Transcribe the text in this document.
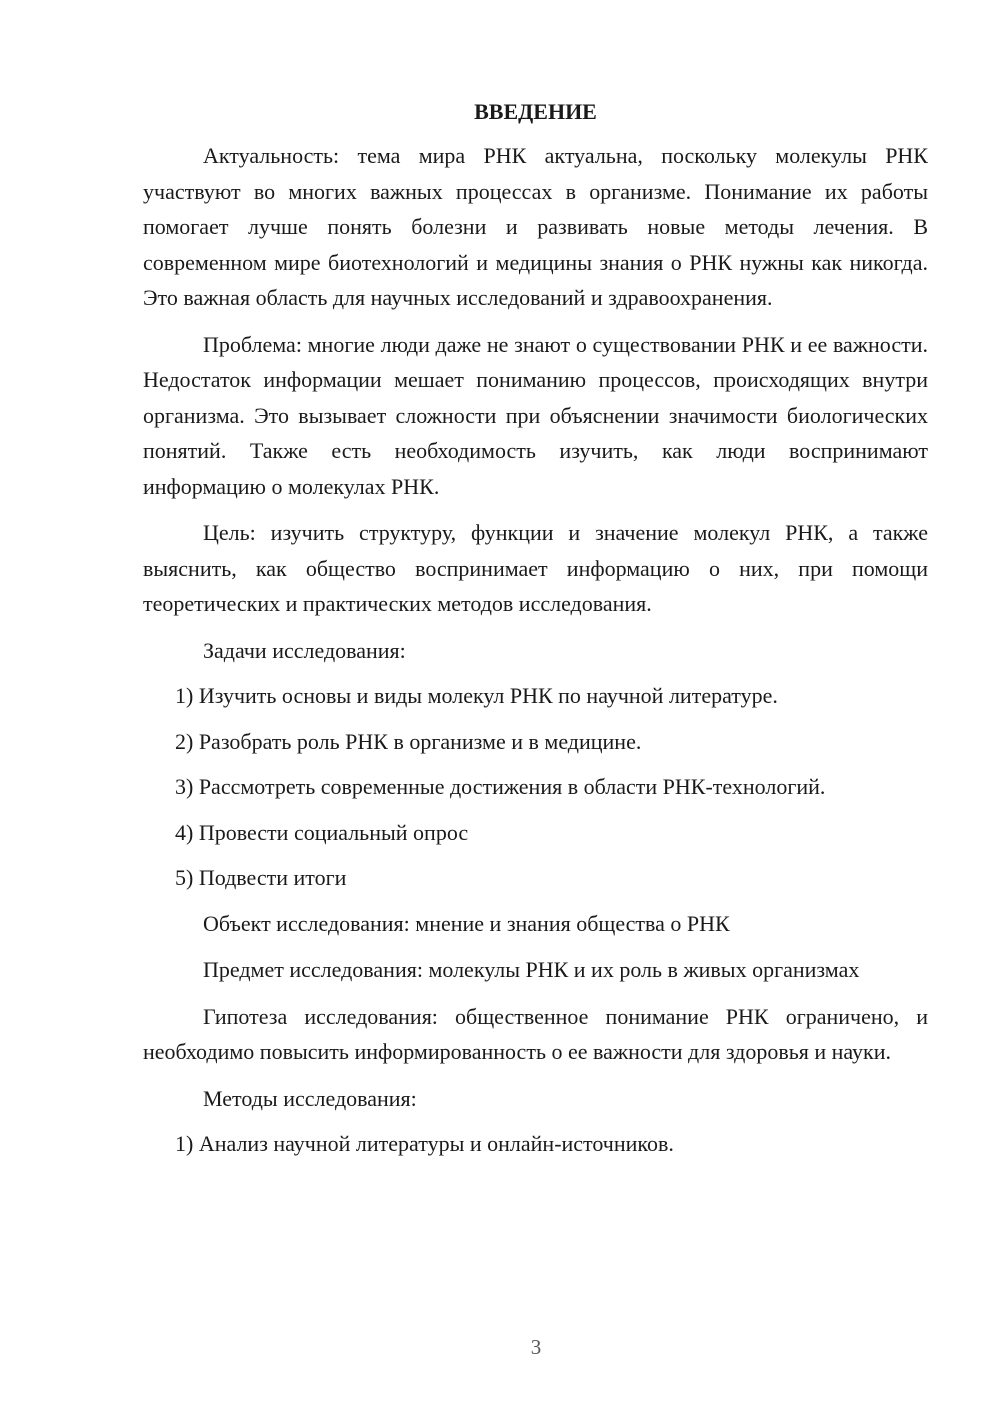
ВВЕДЕНИЕ

Актуальность: тема мира РНК актуальна, поскольку молекулы РНК участвуют во многих важных процессах в организме. Понимание их работы помогает лучше понять болезни и развивать новые методы лечения. В современном мире биотехнологий и медицины знания о РНК нужны как никогда. Это важная область для научных исследований и здравоохранения.

Проблема: многие люди даже не знают о существовании РНК и ее важности. Недостаток информации мешает пониманию процессов, происходящих внутри организма. Это вызывает сложности при объяснении значимости биологических понятий. Также есть необходимость изучить, как люди воспринимают информацию о молекулах РНК.

Цель: изучить структуру, функции и значение молекул РНК, а также выяснить, как общество воспринимает информацию о них, при помощи теоретических и практических методов исследования.

Задачи исследования:
1) Изучить основы и виды молекул РНК по научной литературе.
2) Разобрать роль РНК в организме и в медицине.
3) Рассмотреть современные достижения в области РНК-технологий.
4) Провести социальный опрос
5) Подвести итоги

Объект исследования: мнение и знания общества о РНК

Предмет исследования: молекулы РНК и их роль в живых организмах

Гипотеза исследования: общественное понимание РНК ограничено, и необходимо повысить информированность о ее важности для здоровья и науки.

Методы исследования:
1) Анализ научной литературы и онлайн-источников.
3
